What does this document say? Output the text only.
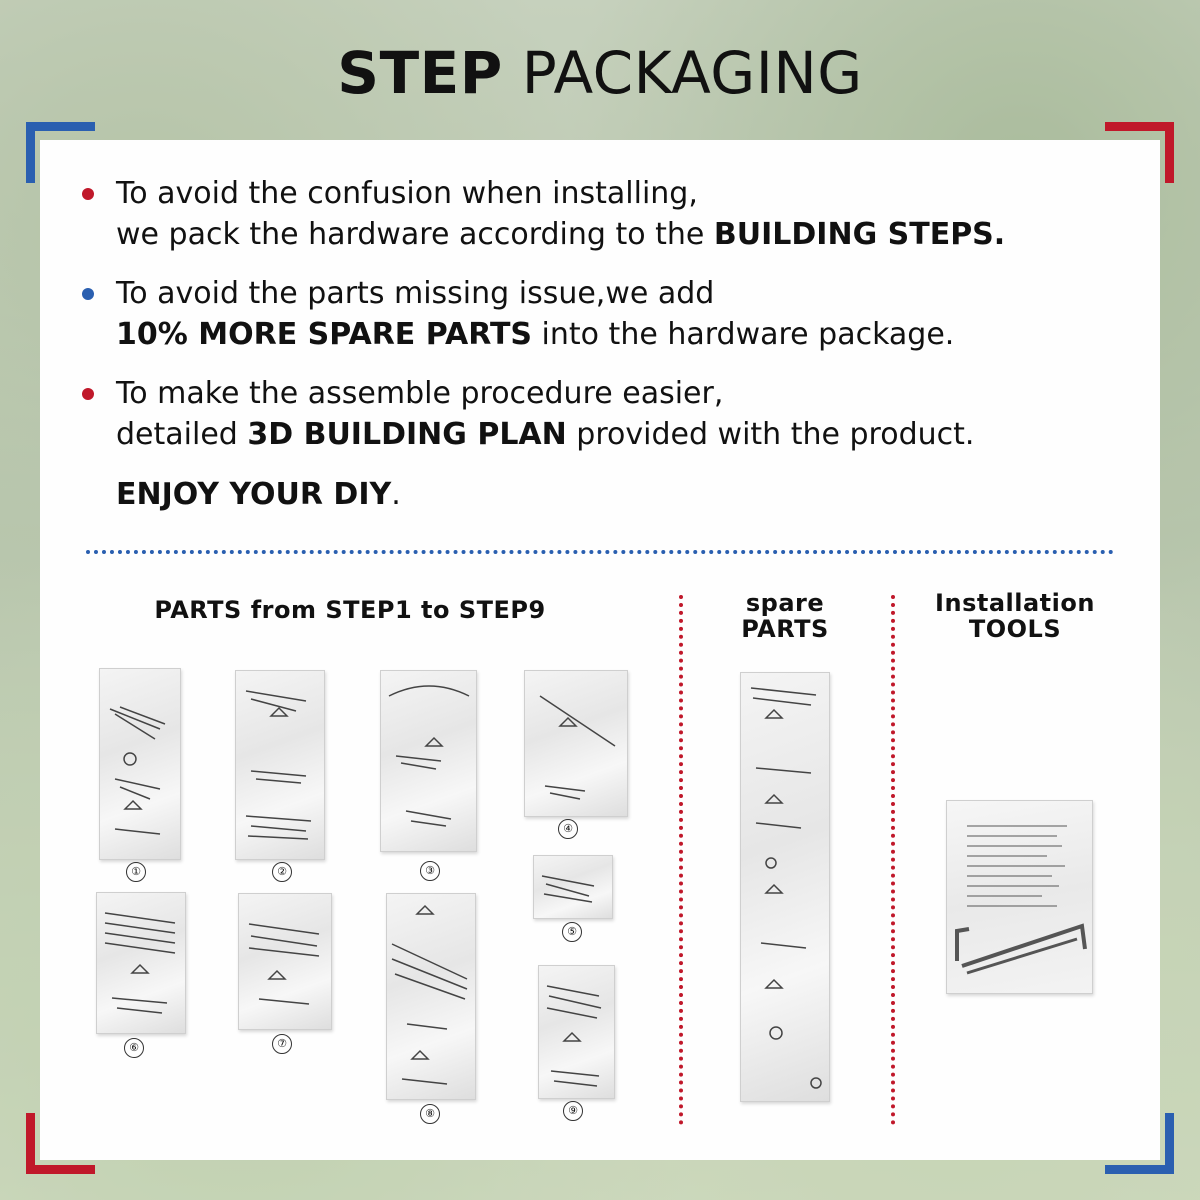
STEP PACKAGING
To avoid the confusion when installing,
we pack the hardware according to the BUILDING STEPS.
To avoid the parts missing issue,we add
10% MORE SPARE PARTS into the hardware package.
To make the assemble procedure easier,
detailed 3D BUILDING PLAN provided with the product.
ENJOY YOUR DIY.
PARTS from STEP1 to STEP9	spare
PARTS
Installation
TOOLS
①	②	③
④
⑤
⑥	⑦
⑧	⑨
